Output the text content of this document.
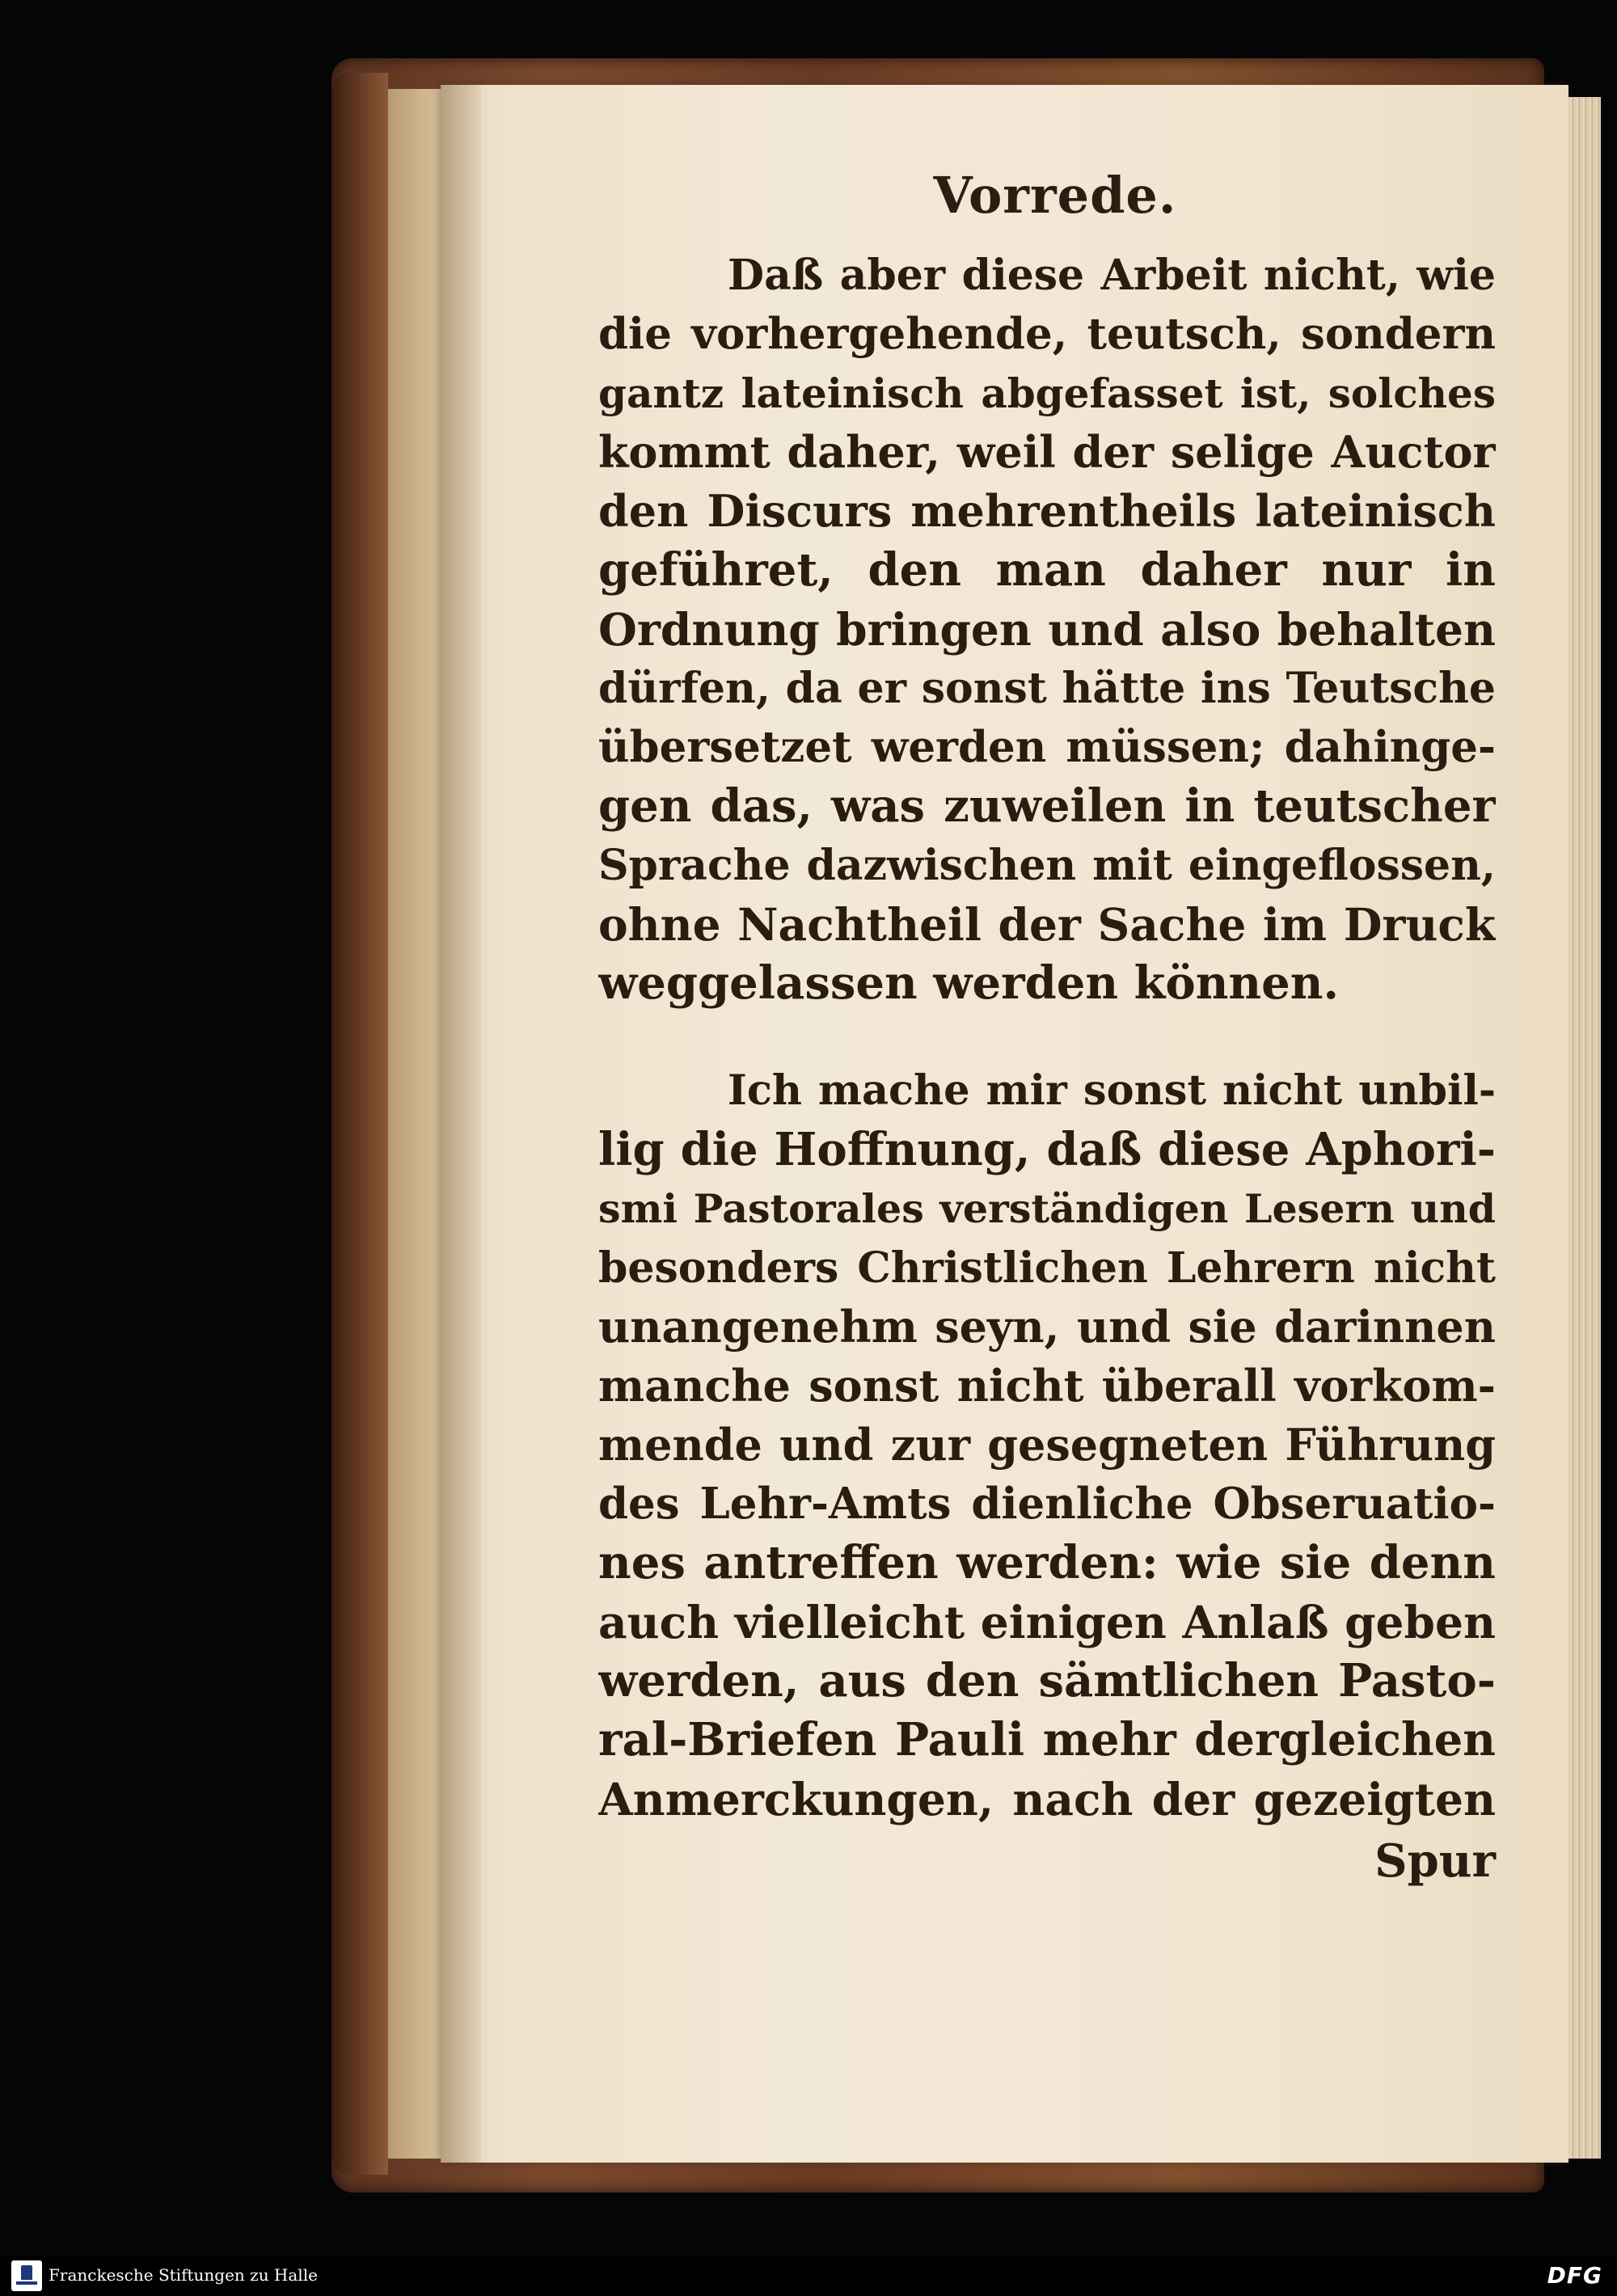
Vorrede.

Daß aber diese Arbeit nicht, wie
die vorhergehende, teutsch, sondern
gantz lateinisch abgefasset ist, solches
kommt daher, weil der selige Auctor
den Discurs mehrentheils lateinisch
geführet, den man daher nur in
Ordnung bringen und also behalten
dürfen, da er sonst hätte ins Teutsche
übersetzet werden müssen; dahinge-
gen das, was zuweilen in teutscher
Sprache dazwischen mit eingeflossen,
ohne Nachtheil der Sache im Druck
weggelassen werden können.

Ich mache mir sonst nicht unbil-
lig die Hoffnung, daß diese Aphori-
smi Pastorales verständigen Lesern und
besonders Christlichen Lehrern nicht
unangenehm seyn, und sie darinnen
manche sonst nicht überall vorkom-
mende und zur gesegneten Führung
des Lehr-Amts dienliche Obseruatio-
nes antreffen werden: wie sie denn
auch vielleicht einigen Anlaß geben
werden, aus den sämtlichen Pasto-
ral-Briefen Pauli mehr dergleichen
Anmerckungen, nach der gezeigten

Spur
Franckesche Stiftungen zu Halle	DFG
